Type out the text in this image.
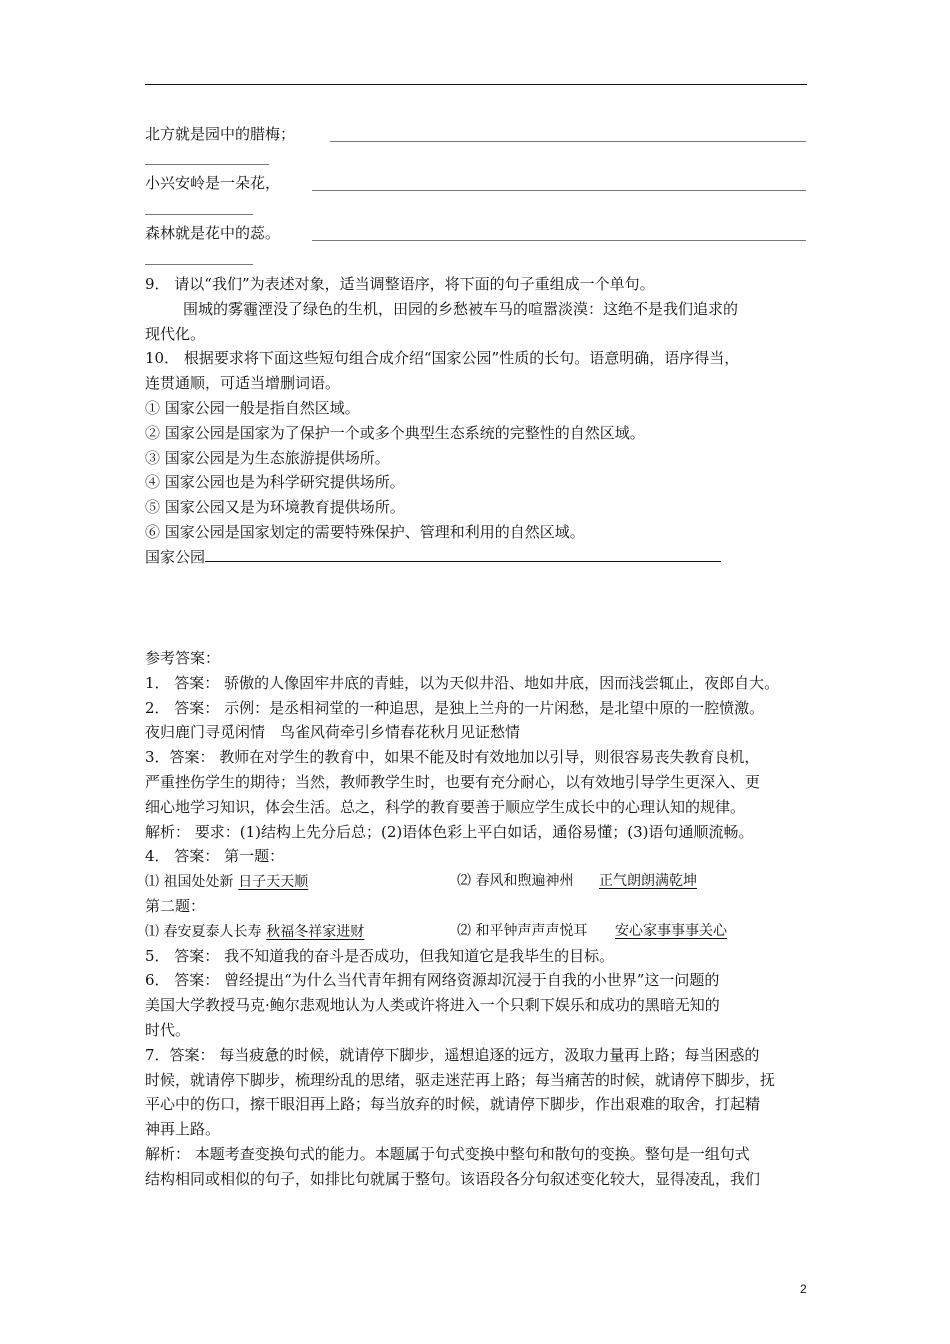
北方就是园中的腊梅；
小兴安岭是一朵花，
森林就是花中的蕊。
9． 请以“我们”为表述对象，适当调整语序，将下面的句子重组成一个单句。
围城的雾霾湮没了绿色的生机，田园的乡愁被车马的喧嚣淡漠：这绝不是我们追求的
现代化。
10． 根据要求将下面这些短句组合成介绍“国家公园”性质的长句。语意明确，语序得当，
连贯通顺，可适当增删词语。
① 国家公园一般是指自然区域。
② 国家公园是国家为了保护一个或多个典型生态系统的完整性的自然区域。
③ 国家公园是为生态旅游提供场所。
④ 国家公园也是为科学研究提供场所。
⑤ 国家公园又是为环境教育提供场所。
⑥ 国家公园是国家划定的需要特殊保护、管理和利用的自然区域。
国家公园
参考答案：
1． 答案： 骄傲的人像固牢井底的青蛙，以为天似井沿、地如井底，因而浅尝辄止，夜郎自大。
2． 答案： 示例：是丞相祠堂的一种追思，是独上兰舟的一片闲愁，是北望中原的一腔愤激。
夜归鹿门寻觅闲情　鸟雀风荷牵引乡情春花秋月见证愁情
3．答案： 教师在对学生的教育中，如果不能及时有效地加以引导，则很容易丧失教育良机，
严重挫伤学生的期待；当然，教师教学生时，也要有充分耐心，以有效地引导学生更深入、更
细心地学习知识，体会生活。总之，科学的教育要善于顺应学生成长中的心理认知的规律。
解析： 要求：(1)结构上先分后总；(2)语体色彩上平白如话，通俗易懂；(3)语句通顺流畅。
4． 答案： 第一题：
⑴ 祖国处处新 日子天天顺	⑵ 春风和煦遍神州 正气朗朗满乾坤
第二题：
⑴ 春安夏泰人长寿 秋福冬祥家进财	⑵ 和平钟声声声悦耳 安心家事事事关心
5． 答案： 我不知道我的奋斗是否成功，但我知道它是我毕生的目标。
6． 答案： 曾经提出“为什么当代青年拥有网络资源却沉浸于自我的小世界”这一问题的
美国大学教授马克·鲍尔悲观地认为人类或许将进入一个只剩下娱乐和成功的黑暗无知的
时代。
7．答案： 每当疲惫的时候，就请停下脚步，遥想追逐的远方，汲取力量再上路；每当困惑的
时候，就请停下脚步，梳理纷乱的思绪，驱走迷茫再上路；每当痛苦的时候，就请停下脚步，抚
平心中的伤口，擦干眼泪再上路；每当放弃的时候，就请停下脚步，作出艰难的取舍，打起精
神再上路。
解析： 本题考查变换句式的能力。本题属于句式变换中整句和散句的变换。整句是一组句式
结构相同或相似的句子，如排比句就属于整句。该语段各分句叙述变化较大，显得凌乱，我们
2
